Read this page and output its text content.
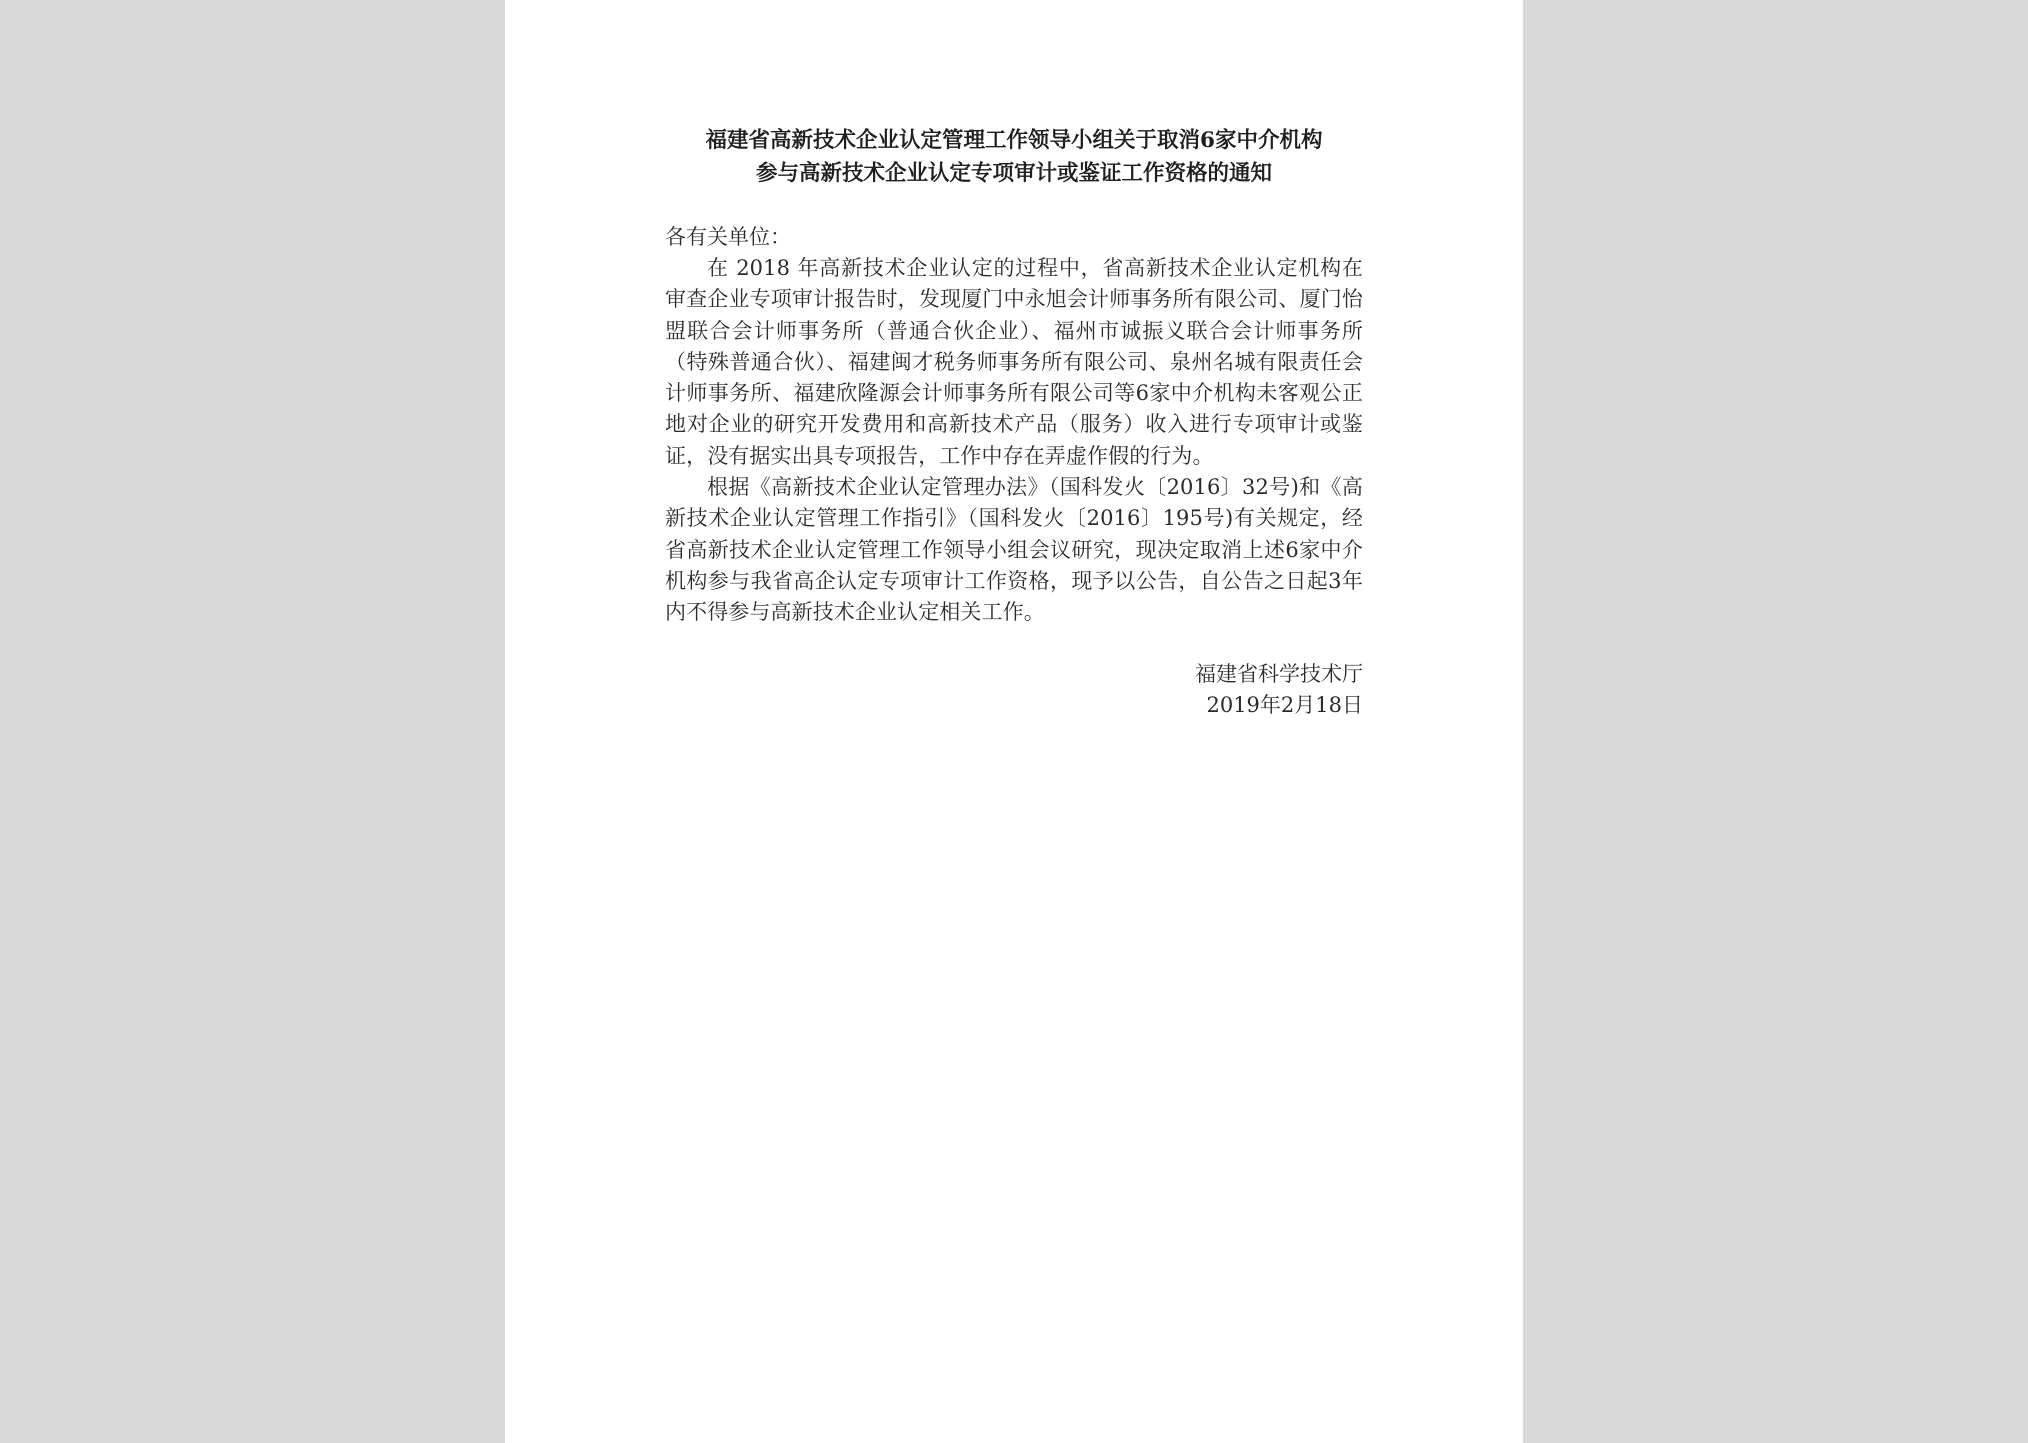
福建省高新技术企业认定管理工作领导小组关于取消6家中介机构
参与高新技术企业认定专项审计或鉴证工作资格的通知
各有关单位：

在 2018 年高新技术企业认定的过程中，省高新技术企业认定机构在审查企业专项审计报告时，发现厦门中永旭会计师事务所有限公司、厦门怡盟联合会计师事务所（普通合伙企业）、福州市诚振义联合会计师事务所（特殊普通合伙）、福建闽才税务师事务所有限公司、泉州名城有限责任会计师事务所、福建欣隆源会计师事务所有限公司等6家中介机构未客观公正地对企业的研究开发费用和高新技术产品（服务）收入进行专项审计或鉴证，没有据实出具专项报告，工作中存在弄虚作假的行为。

根据《高新技术企业认定管理办法》（国科发火〔2016〕32号)和《高新技术企业认定管理工作指引》（国科发火〔2016〕195号)有关规定，经省高新技术企业认定管理工作领导小组会议研究，现决定取消上述6家中介机构参与我省高企认定专项审计工作资格，现予以公告，自公告之日起3年内不得参与高新技术企业认定相关工作。

福建省科学技术厅
2019年2月18日
